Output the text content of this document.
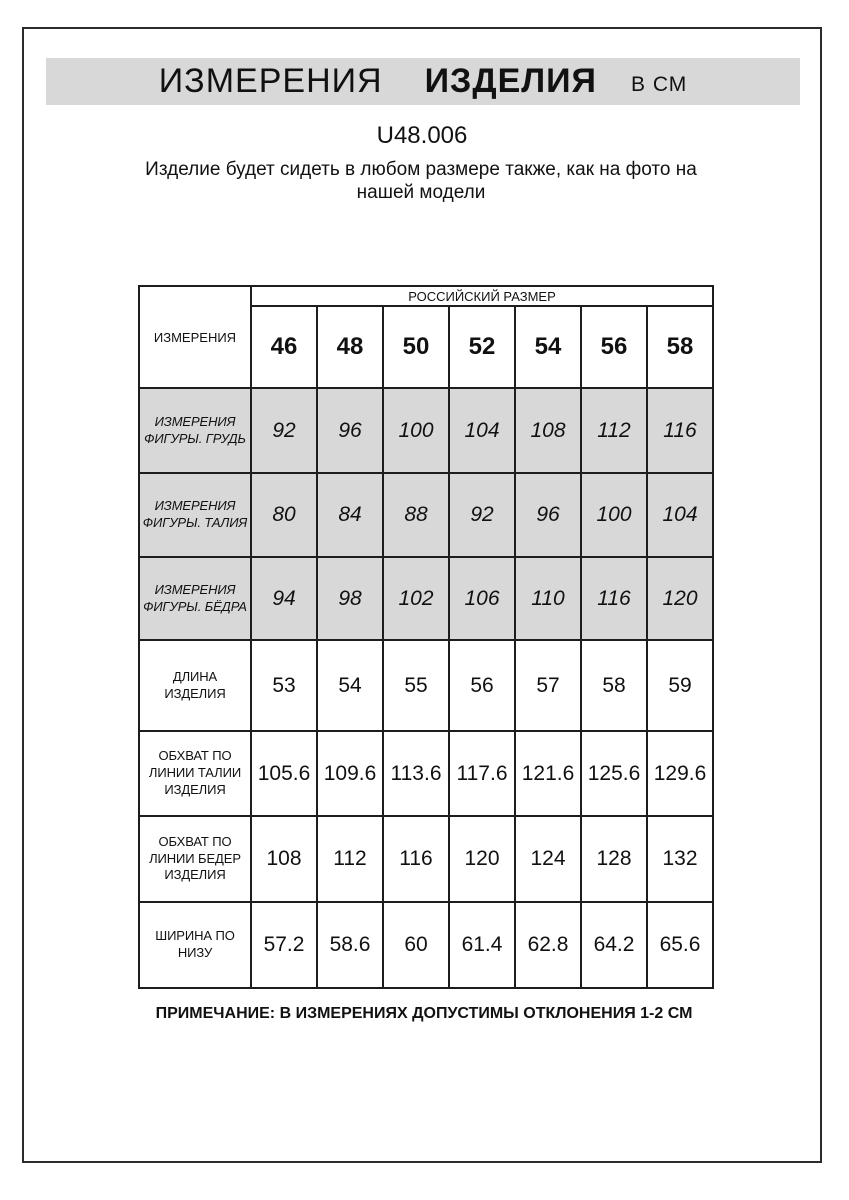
ИЗМЕРЕНИЯ ИЗДЕЛИЯ В СМ
U48.006
Изделие будет сидеть в любом размере также, как на фото на нашей модели
ИЗМЕРЕНИЯ	РОССИЙСКИЙ РАЗМЕР						
	46	48	50	52	54	56	58
ИЗМЕРЕНИЯ ФИГУРЫ. ГРУДЬ	92	96	100	104	108	112	116
ИЗМЕРЕНИЯ ФИГУРЫ. ТАЛИЯ	80	84	88	92	96	100	104
ИЗМЕРЕНИЯ ФИГУРЫ. БЁДРА	94	98	102	106	110	116	120
ДЛИНА ИЗДЕЛИЯ	53	54	55	56	57	58	59
ОБХВАТ ПО ЛИНИИ ТАЛИИ ИЗДЕЛИЯ	105.6	109.6	113.6	117.6	121.6	125.6	129.6
ОБХВАТ ПО ЛИНИИ БЕДЕР ИЗДЕЛИЯ	108	112	116	120	124	128	132
ШИРИНА ПО НИЗУ	57.2	58.6	60	61.4	62.8	64.2	65.6
ПРИМЕЧАНИЕ: В ИЗМЕРЕНИЯХ ДОПУСТИМЫ ОТКЛОНЕНИЯ 1-2 СМ
